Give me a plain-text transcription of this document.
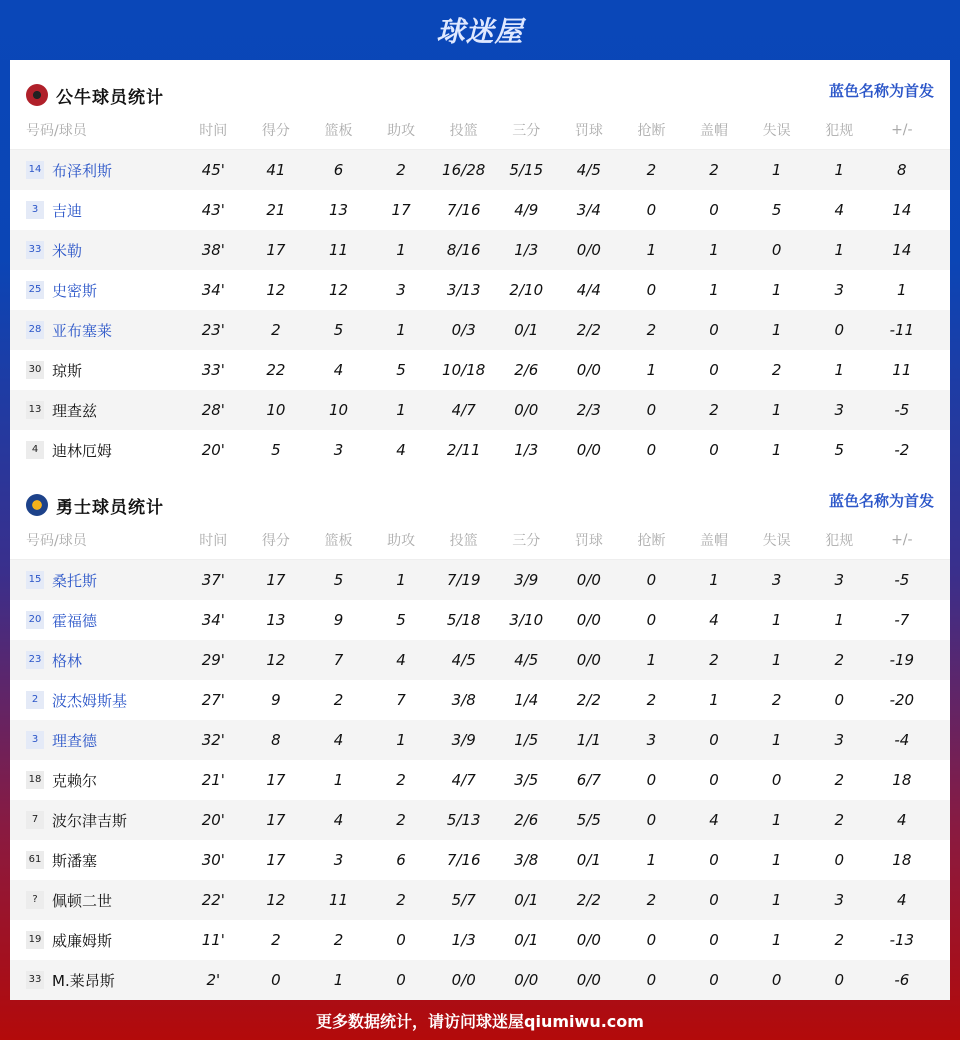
球迷屋
公牛球员统计	蓝色名称为首发
号码/球员	时间	得分	篮板	助攻	投篮	三分	罚球	抢断	盖帽	失误	犯规	+/-
14 布泽利斯	45'	41	6	2	16/28	5/15	4/5	2	2	1	1	8
3 吉迪	43'	21	13	17	7/16	4/9	3/4	0	0	5	4	14
33 米勒	38'	17	11	1	8/16	1/3	0/0	1	1	0	1	14
25 史密斯	34'	12	12	3	3/13	2/10	4/4	0	1	1	3	1
28 亚布塞莱	23'	2	5	1	0/3	0/1	2/2	2	0	1	0	-11
30 琼斯	33'	22	4	5	10/18	2/6	0/0	1	0	2	1	11
13 理查兹	28'	10	10	1	4/7	0/0	2/3	0	2	1	3	-5
4 迪林厄姆	20'	5	3	4	2/11	1/3	0/0	0	0	1	5	-2
勇士球员统计	蓝色名称为首发
号码/球员	时间	得分	篮板	助攻	投篮	三分	罚球	抢断	盖帽	失误	犯规	+/-
15 桑托斯	37'	17	5	1	7/19	3/9	0/0	0	1	3	3	-5
20 霍福德	34'	13	9	5	5/18	3/10	0/0	0	4	1	1	-7
23 格林	29'	12	7	4	4/5	4/5	0/0	1	2	1	2	-19
2 波杰姆斯基	27'	9	2	7	3/8	1/4	2/2	2	1	2	0	-20
3 理查德	32'	8	4	1	3/9	1/5	1/1	3	0	1	3	-4
18 克赖尔	21'	17	1	2	4/7	3/5	6/7	0	0	0	2	18
7 波尔津吉斯	20'	17	4	2	5/13	2/6	5/5	0	4	1	2	4
61 斯潘塞	30'	17	3	6	7/16	3/8	0/1	1	0	1	0	18
? 佩顿二世	22'	12	11	2	5/7	0/1	2/2	2	0	1	3	4
19 威廉姆斯	11'	2	2	0	1/3	0/1	0/0	0	0	1	2	-13
33 M.莱昂斯	2'	0	1	0	0/0	0/0	0/0	0	0	0	0	-6
更多数据统计，请访问球迷屋qiumiwu.com
